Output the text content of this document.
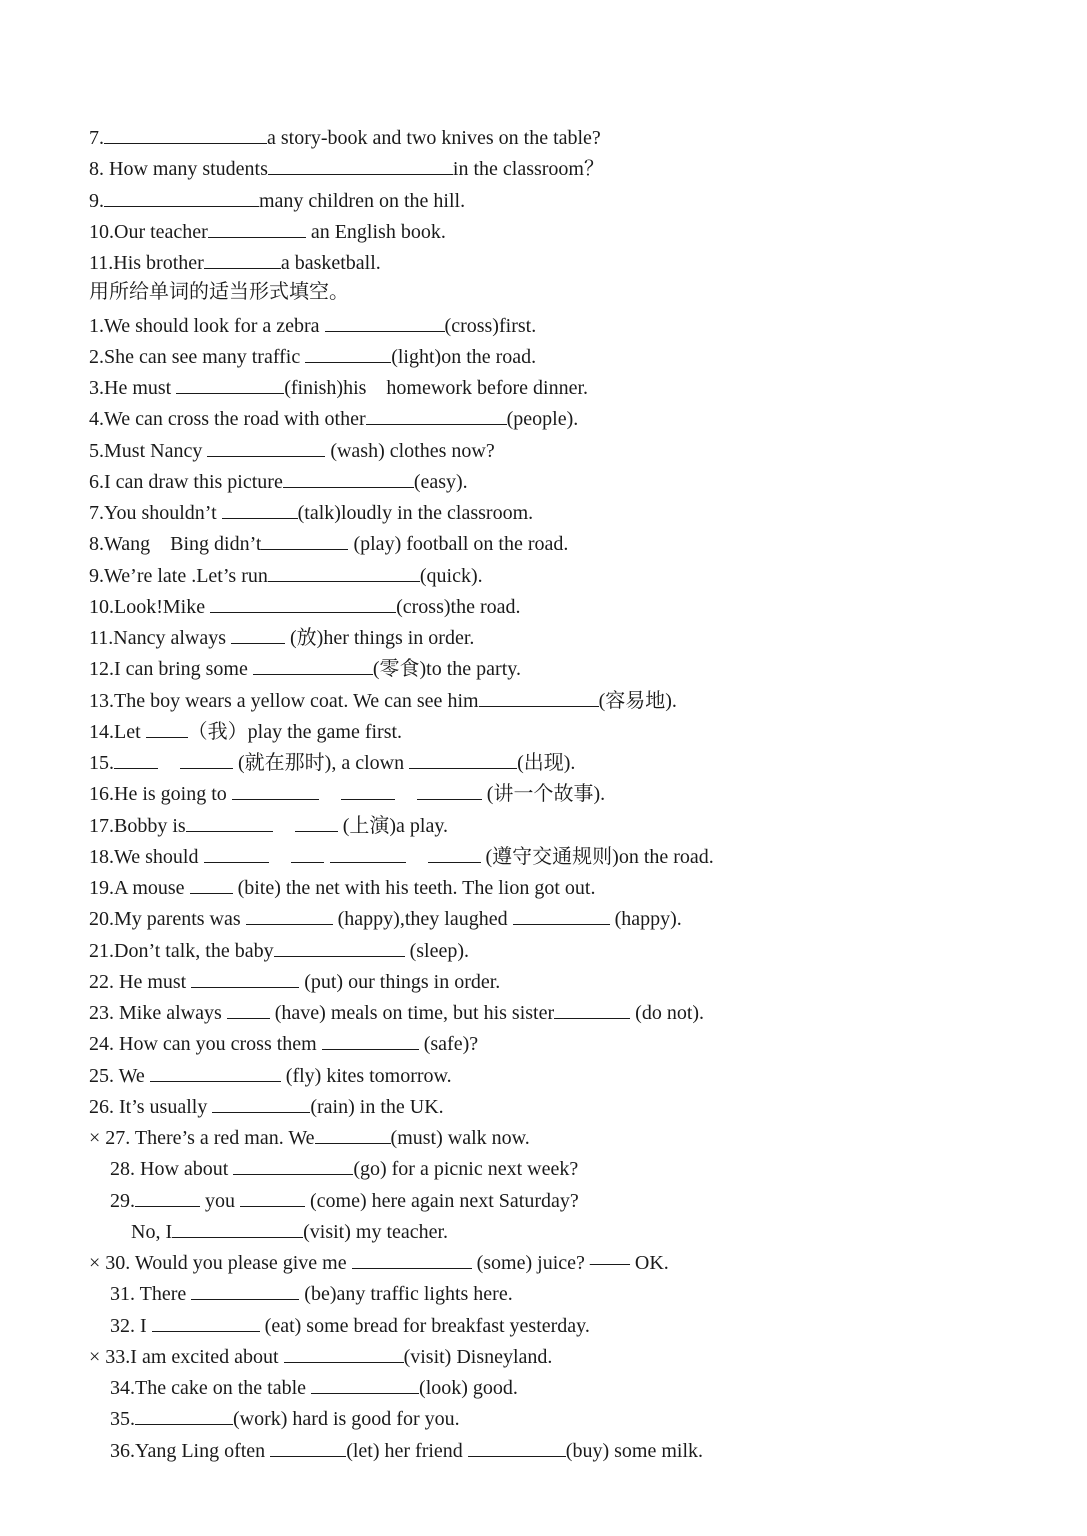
7.	a story-book and two knives on the table?
8. How many students	in the classroom？
9.	many children on the hill.
10.Our teacher	an English book.
11.His brother	a basketball.
用所给单词的适当形式填空。
1.We should look for a zebra	(cross)first.
2.She can see many traffic	(light)on the road.
3.He must	(finish)his    homework before dinner.
4.We can cross the road with other	(people).
5.Must Nancy	(wash) clothes now?
6.I can draw this picture	(easy).
7.You shouldn’t	(talk)loudly in the classroom.
8.Wang    Bing didn’t	(play) football on the road.
9.We’re late .Let’s run	(quick).
10.Look!Mike	(cross)the road.
11.Nancy always	(放)her things in order.
12.I can bring some	(零食)to the party.
13.The boy wears a yellow coat. We can see him	(容易地).
14.Let （我）play the game first.
15.	(就在那时), a clown	(出现).
16.He is going to	(讲一个故事).
17.Bobby is	(上演)a play.
18.We should	(遵守交通规则)on the road.
19.A mouse  (bite) the net with his teeth. The lion got out.
20.My parents was	(happy),they laughed	(happy).
21.Don’t talk, the baby	(sleep).
22. He must	(put) our things in order.
23. Mike always  (have) meals on time, but his sister	(do not).
24. How can you cross them	(safe)?
25. We	(fly) kites tomorrow.
26. It’s usually	(rain) in the UK.
× 27. There’s a red man. We	(must) walk now.
28. How about	(go) for a picnic next week?
29.	you	(come) here again next Saturday?
No, I	(visit) my teacher.
× 30. Would you please give me	(some) juice? —— OK.
31. There	(be)any traffic lights here.
32. I	(eat) some bread for breakfast yesterday.
× 33.I am excited about	(visit) Disneyland.
34.The cake on the table	(look) good.
35.	(work) hard is good for you.
36.Yang Ling often	(let) her friend	(buy) some milk.
